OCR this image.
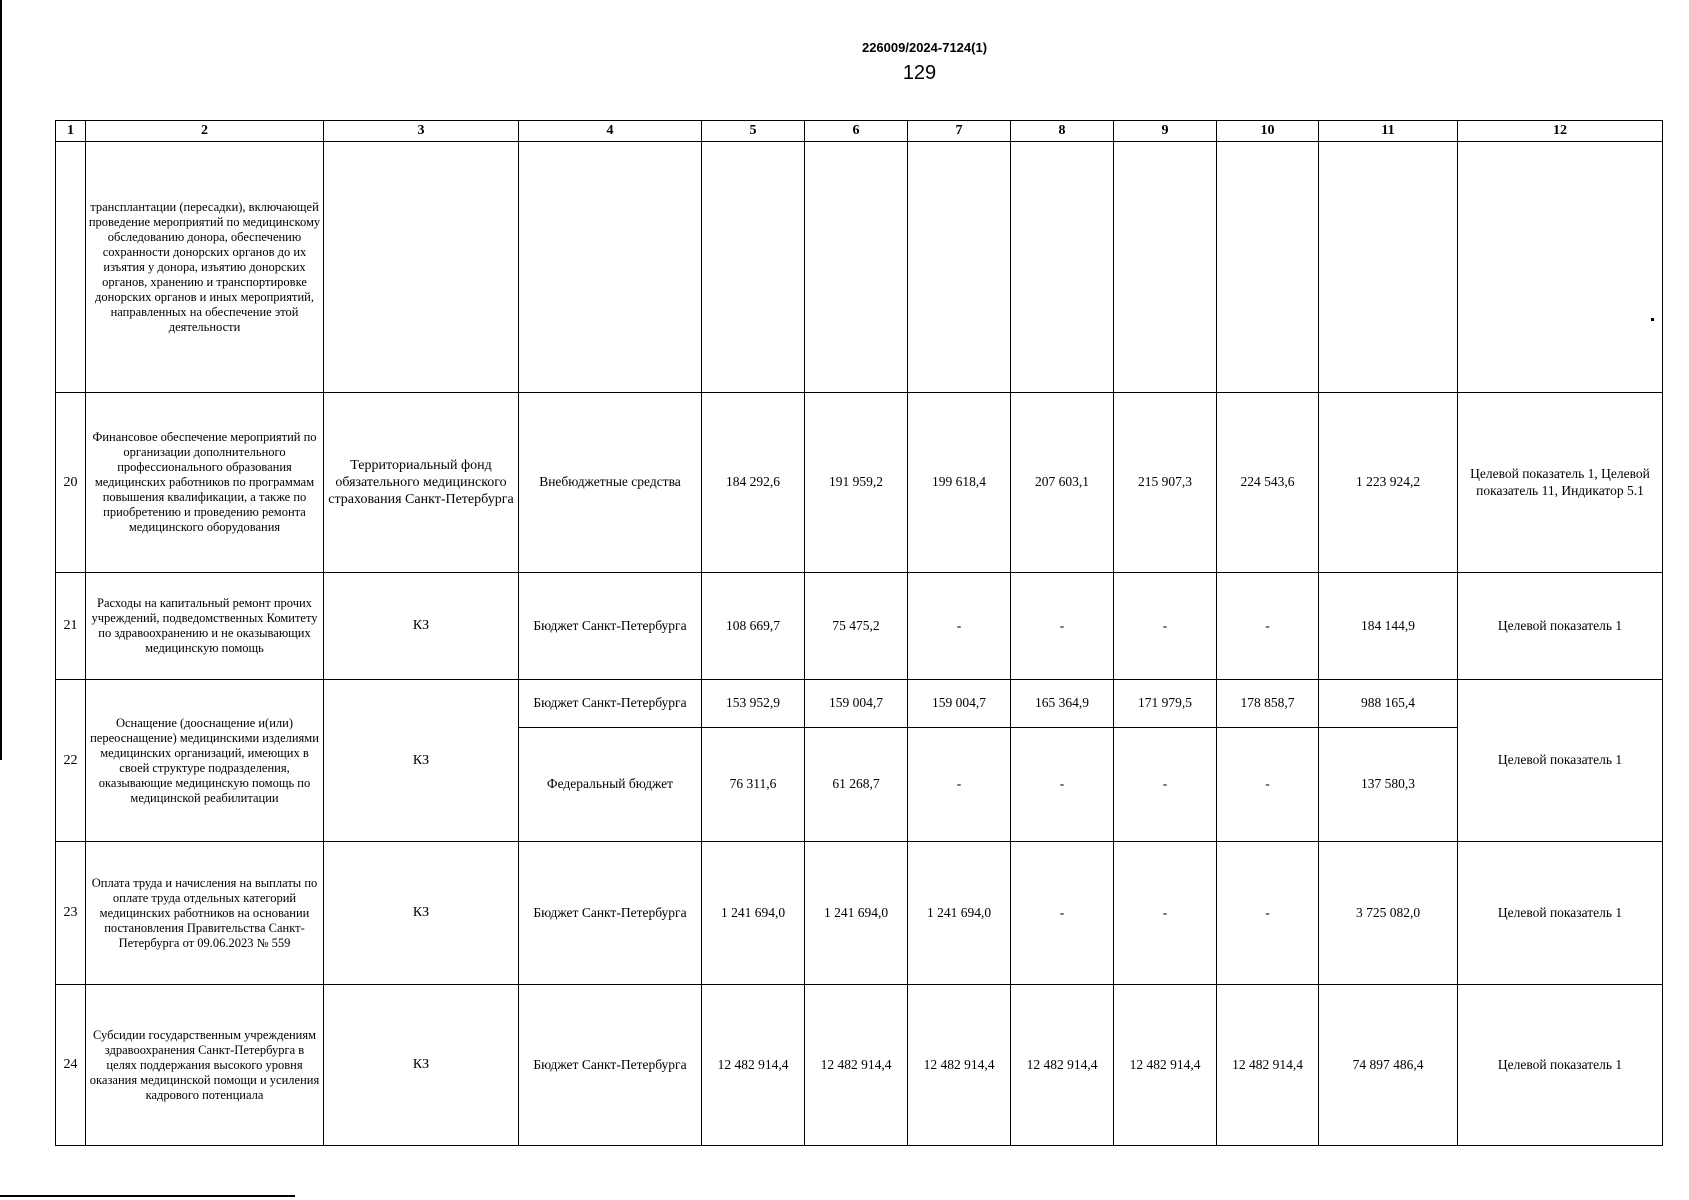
226009/2024-7124(1)
129
1	2	3	4	5	6	7	8	9	10	11	12
	трансплантации (пересадки), включающей проведение мероприятий по медицинскому обследованию донора, обеспечению сохранности донорских органов до их изъятия у донора, изъятию донорских органов, хранению и транспортировке донорских органов и иных мероприятий, направленных на обеспечение этой деятельности										
20	Финансовое обеспечение мероприятий по организации дополнительного профессионального образования медицинских работников по программам повышения квалификации, а также по приобретению и проведению ремонта медицинского оборудования	Территориальный фонд обязательного медицинского страхования Санкт-Петербурга	Внебюджетные средства	184 292,6	191 959,2	199 618,4	207 603,1	215 907,3	224 543,6	1 223 924,2	Целевой показатель 1, Целевой показатель 11, Индикатор 5.1
21	Расходы на капитальный ремонт прочих учреждений, подведомственных Комитету по здравоохранению и не оказывающих медицинскую помощь	КЗ	Бюджет Санкт-Петербурга	108 669,7	75 475,2	-	-	-	-	184 144,9	Целевой показатель 1
22	Оснащение (дооснащение и(или) переоснащение) медицинскими изделиями медицинских организаций, имеющих в своей структуре подразделения, оказывающие медицинскую помощь по медицинской реабилитации	КЗ	Бюджет Санкт-Петербурга	153 952,9	159 004,7	159 004,7	165 364,9	171 979,5	178 858,7	988 165,4	Целевой показатель 1
			Федеральный бюджет	76 311,6	61 268,7	-	-	-	-	137 580,3	
23	Оплата труда и начисления на выплаты по оплате труда отдельных категорий медицинских работников на основании постановления Правительства Санкт-Петербурга от 09.06.2023 № 559	КЗ	Бюджет Санкт-Петербурга	1 241 694,0	1 241 694,0	1 241 694,0	-	-	-	3 725 082,0	Целевой показатель 1
24	Субсидии государственным учреждениям здравоохранения Санкт-Петербурга в целях поддержания высокого уровня оказания медицинской помощи и усиления кадрового потенциала	КЗ	Бюджет Санкт-Петербурга	12 482 914,4	12 482 914,4	12 482 914,4	12 482 914,4	12 482 914,4	12 482 914,4	74 897 486,4	Целевой показатель 1
